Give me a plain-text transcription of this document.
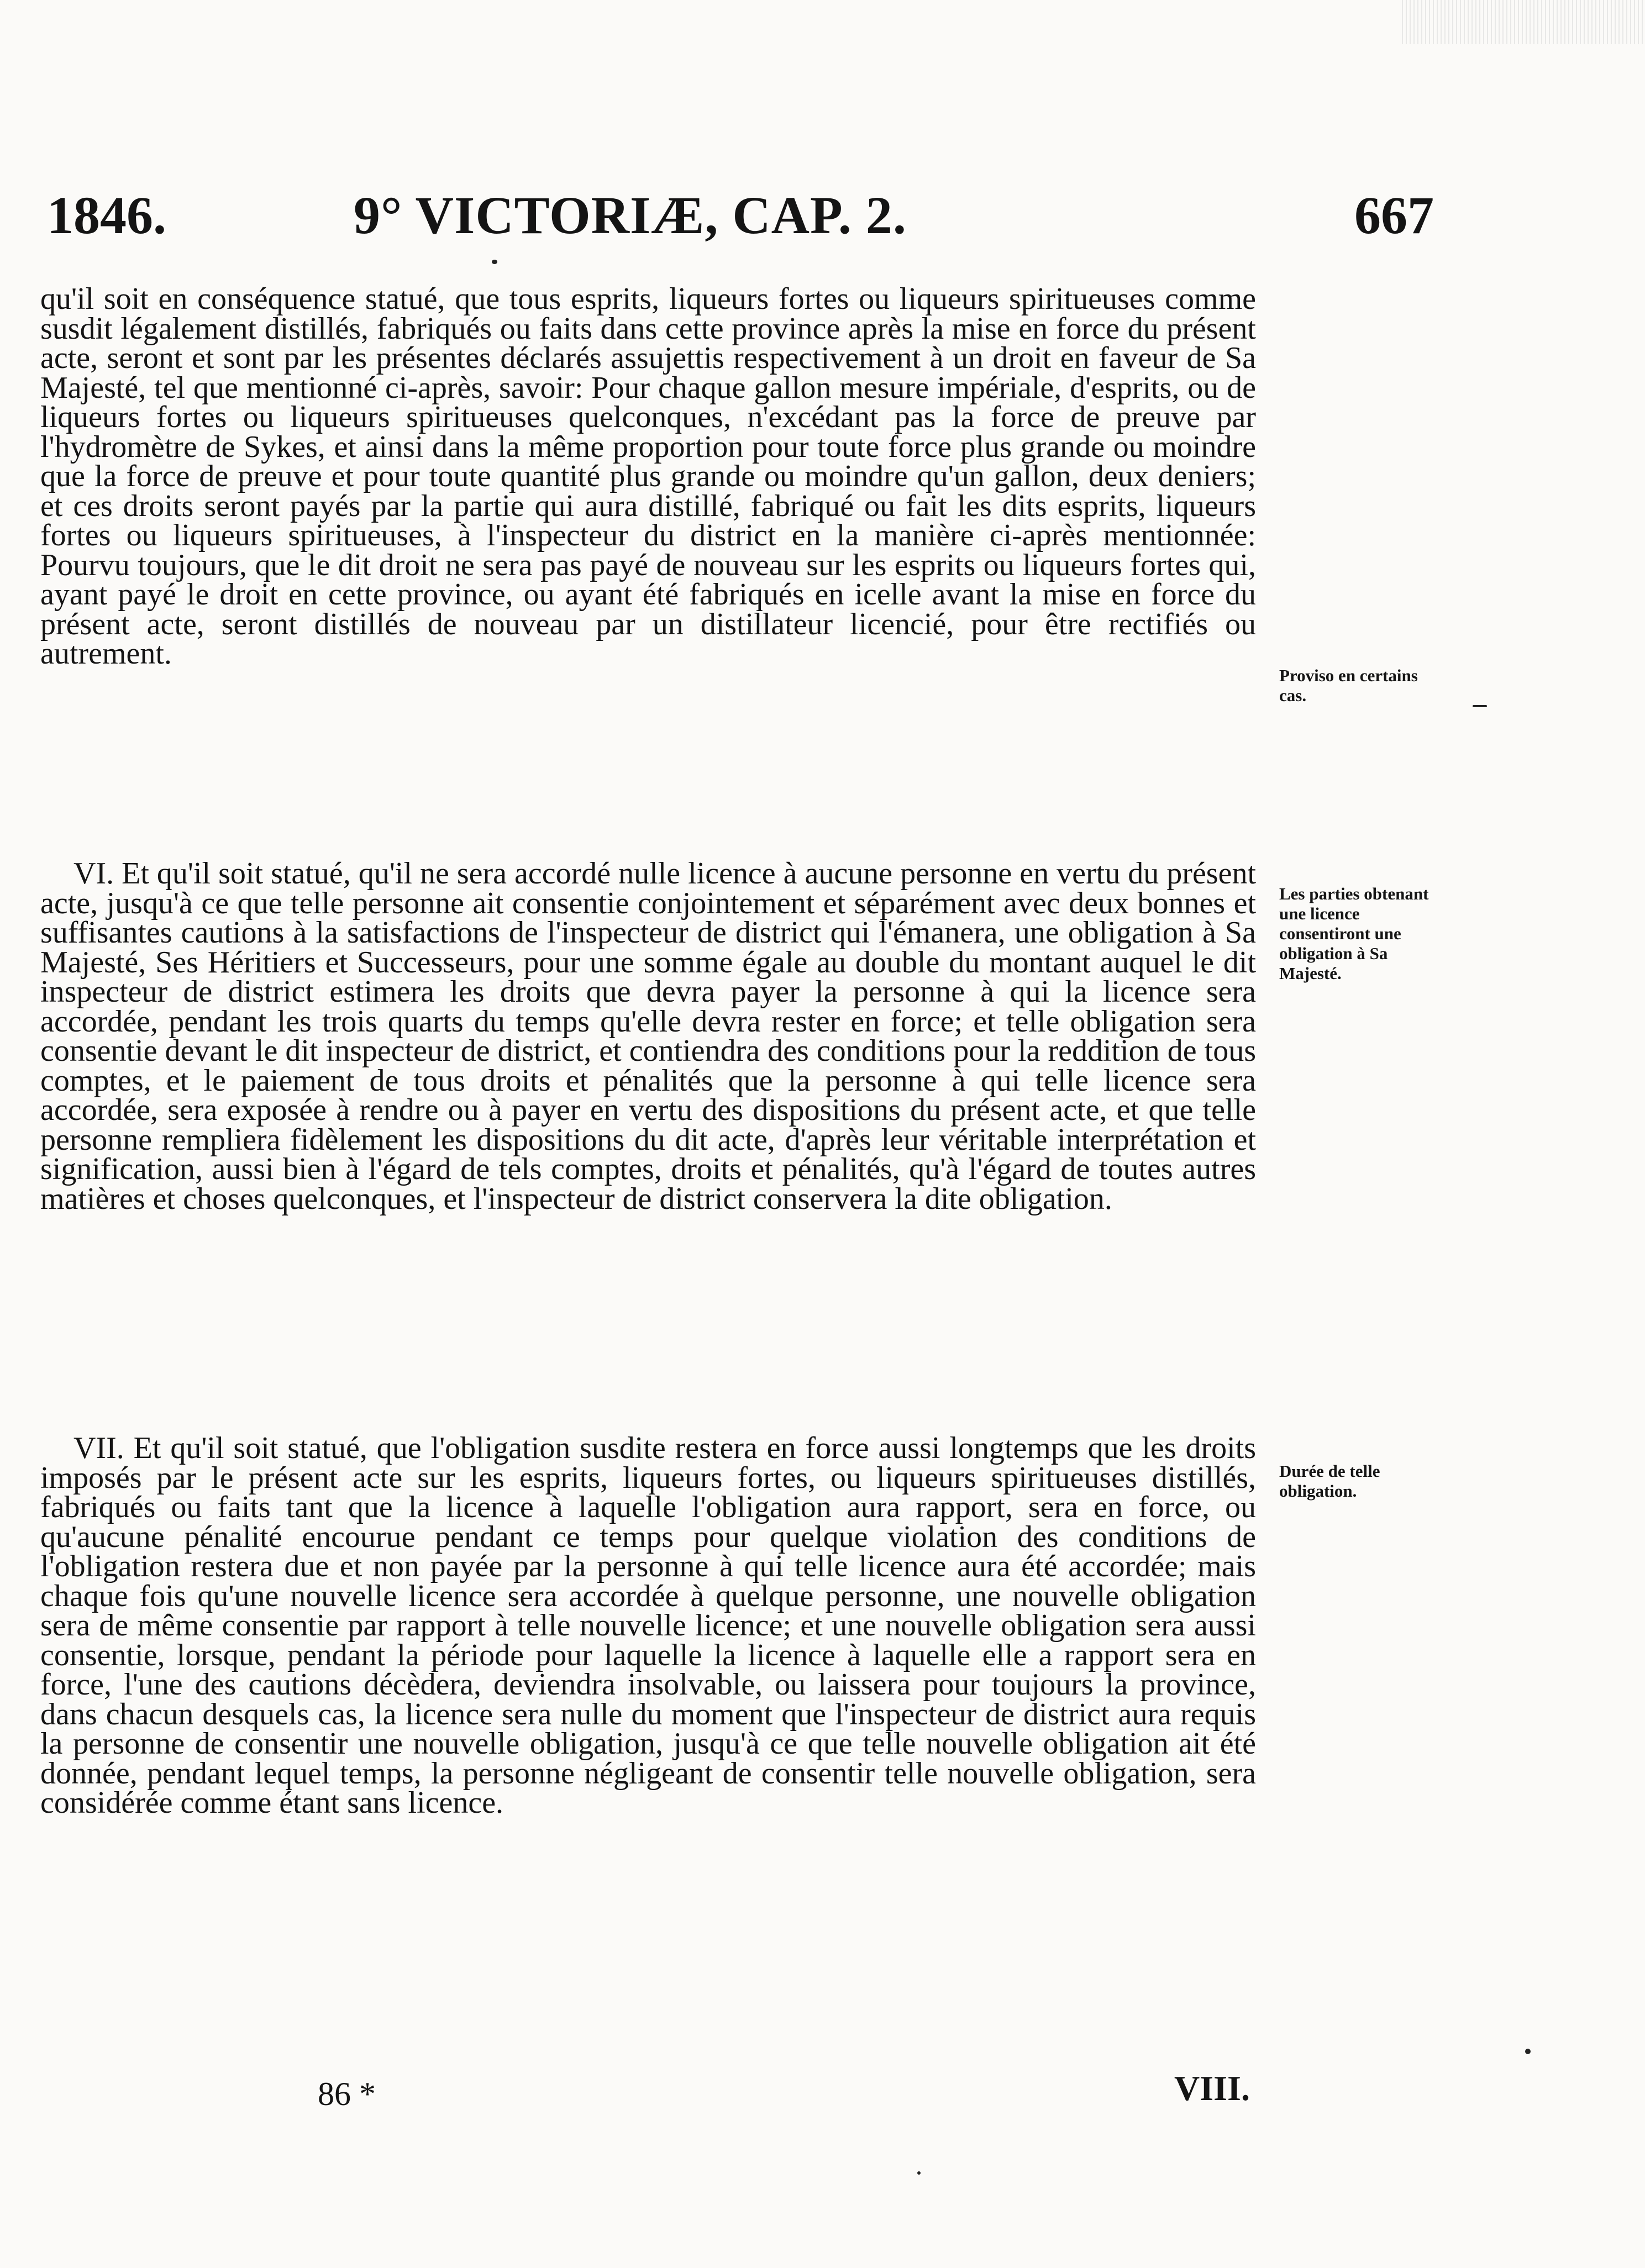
1846.	9° VICTORIÆ, CAP. 2.	667

qu'il soit en conséquence statué, que tous esprits, liqueurs fortes ou liqueurs spiritueuses comme susdit légalement distillés, fabriqués ou faits dans cette province après la mise en force du présent acte, seront et sont par les présentes déclarés assujettis respectivement à un droit en faveur de Sa Majesté, tel que mentionné ci-après, savoir: Pour chaque gallon mesure impériale, d'esprits, ou de liqueurs fortes ou liqueurs spiritueuses quelconques, n'excédant pas la force de preuve par l'hydromètre de Sykes, et ainsi dans la même proportion pour toute force plus grande ou moindre que la force de preuve et pour toute quantité plus grande ou moindre qu'un gallon, deux deniers; et ces droits seront payés par la partie qui aura distillé, fabriqué ou fait les dits esprits, liqueurs fortes ou liqueurs spiritueuses, à l'inspecteur du district en la manière ci-après mentionnée: Pourvu toujours, que le dit droit ne sera pas payé de nouveau sur les esprits ou liqueurs fortes qui, ayant payé le droit en cette province, ou ayant été fabriqués en icelle avant la mise en force du présent acte, seront distillés de nouveau par un distillateur licencié, pour être rectifiés ou autrement.

VI. Et qu'il soit statué, qu'il ne sera accordé nulle licence à aucune personne en vertu du présent acte, jusqu'à ce que telle personne ait consentie conjointement et séparément avec deux bonnes et suffisantes cautions à la satisfactions de l'inspecteur de district qui l'émanera, une obligation à Sa Majesté, Ses Héritiers et Successeurs, pour une somme égale au double du montant auquel le dit inspecteur de district estimera les droits que devra payer la personne à qui la licence sera accordée, pendant les trois quarts du temps qu'elle devra rester en force; et telle obligation sera consentie devant le dit inspecteur de district, et contiendra des conditions pour la reddition de tous comptes, et le paiement de tous droits et pénalités que la personne à qui telle licence sera accordée, sera exposée à rendre ou à payer en vertu des dispositions du présent acte, et que telle personne rempliera fidèlement les dispositions du dit acte, d'après leur véritable interprétation et signification, aussi bien à l'égard de tels comptes, droits et pénalités, qu'à l'égard de toutes autres matières et choses quelconques, et l'inspecteur de district conservera la dite obligation.

VII. Et qu'il soit statué, que l'obligation susdite restera en force aussi longtemps que les droits imposés par le présent acte sur les esprits, liqueurs fortes, ou liqueurs spiritueuses distillés, fabriqués ou faits tant que la licence à laquelle l'obligation aura rapport, sera en force, ou qu'aucune pénalité encourue pendant ce temps pour quelque violation des conditions de l'obligation restera due et non payée par la personne à qui telle licence aura été accordée; mais chaque fois qu'une nouvelle licence sera accordée à quelque personne, une nouvelle obligation sera de même consentie par rapport à telle nouvelle licence; et une nouvelle obligation sera aussi consentie, lorsque, pendant la période pour laquelle la licence à laquelle elle a rapport sera en force, l'une des cautions décèdera, deviendra insolvable, ou laissera pour toujours la province, dans chacun desquels cas, la licence sera nulle du moment que l'inspecteur de district aura requis la personne de consentir une nouvelle obligation, jusqu'à ce que telle nouvelle obligation ait été donnée, pendant lequel temps, la personne négligeant de consentir telle nouvelle obligation, sera considérée comme étant sans licence.

Proviso en certains cas.
Les parties obtenant une licence consentiront une obligation à Sa Majesté.
Durée de telle obligation.
86 *	VIII.
